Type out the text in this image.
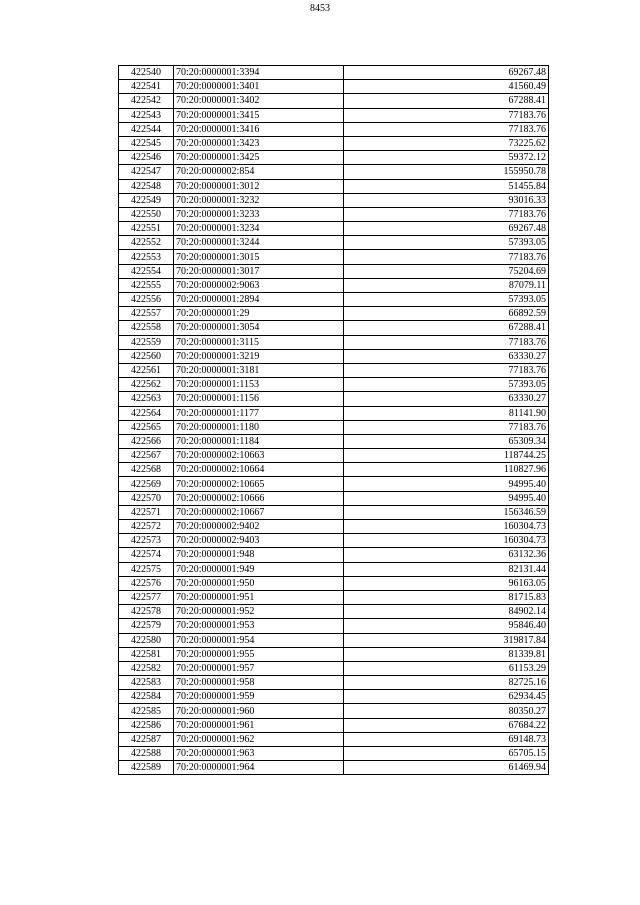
8453
422540	70:20:0000001:3394	69267.48
422541	70:20:0000001:3401	41560.49
422542	70:20:0000001:3402	67288.41
422543	70:20:0000001:3415	77183.76
422544	70:20:0000001:3416	77183.76
422545	70:20:0000001:3423	73225.62
422546	70:20:0000001:3425	59372.12
422547	70:20:0000002:854	155950.78
422548	70:20:0000001:3012	51455.84
422549	70:20:0000001:3232	93016.33
422550	70:20:0000001:3233	77183.76
422551	70:20:0000001:3234	69267.48
422552	70:20:0000001:3244	57393.05
422553	70:20:0000001:3015	77183.76
422554	70:20:0000001:3017	75204.69
422555	70:20:0000002:9063	87079.11
422556	70:20:0000001:2894	57393.05
422557	70:20:0000001:29	66892.59
422558	70:20:0000001:3054	67288.41
422559	70:20:0000001:3115	77183.76
422560	70:20:0000001:3219	63330.27
422561	70:20:0000001:3181	77183.76
422562	70:20:0000001:1153	57393.05
422563	70:20:0000001:1156	63330.27
422564	70:20:0000001:1177	81141.90
422565	70:20:0000001:1180	77183.76
422566	70:20:0000001:1184	65309.34
422567	70:20:0000002:10663	118744.25
422568	70:20:0000002:10664	110827.96
422569	70:20:0000002:10665	94995.40
422570	70:20:0000002:10666	94995.40
422571	70:20:0000002:10667	156346.59
422572	70:20:0000002:9402	160304.73
422573	70:20:0000002:9403	160304.73
422574	70:20:0000001:948	63132.36
422575	70:20:0000001:949	82131.44
422576	70:20:0000001:950	96163.05
422577	70:20:0000001:951	81715.83
422578	70:20:0000001:952	84902.14
422579	70:20:0000001:953	95846.40
422580	70:20:0000001:954	319817.84
422581	70:20:0000001:955	81339.81
422582	70:20:0000001:957	61153.29
422583	70:20:0000001:958	82725.16
422584	70:20:0000001:959	62934.45
422585	70:20:0000001:960	80350.27
422586	70:20:0000001:961	67684.22
422587	70:20:0000001:962	69148.73
422588	70:20:0000001:963	65705.15
422589	70:20:0000001:964	61469.94
